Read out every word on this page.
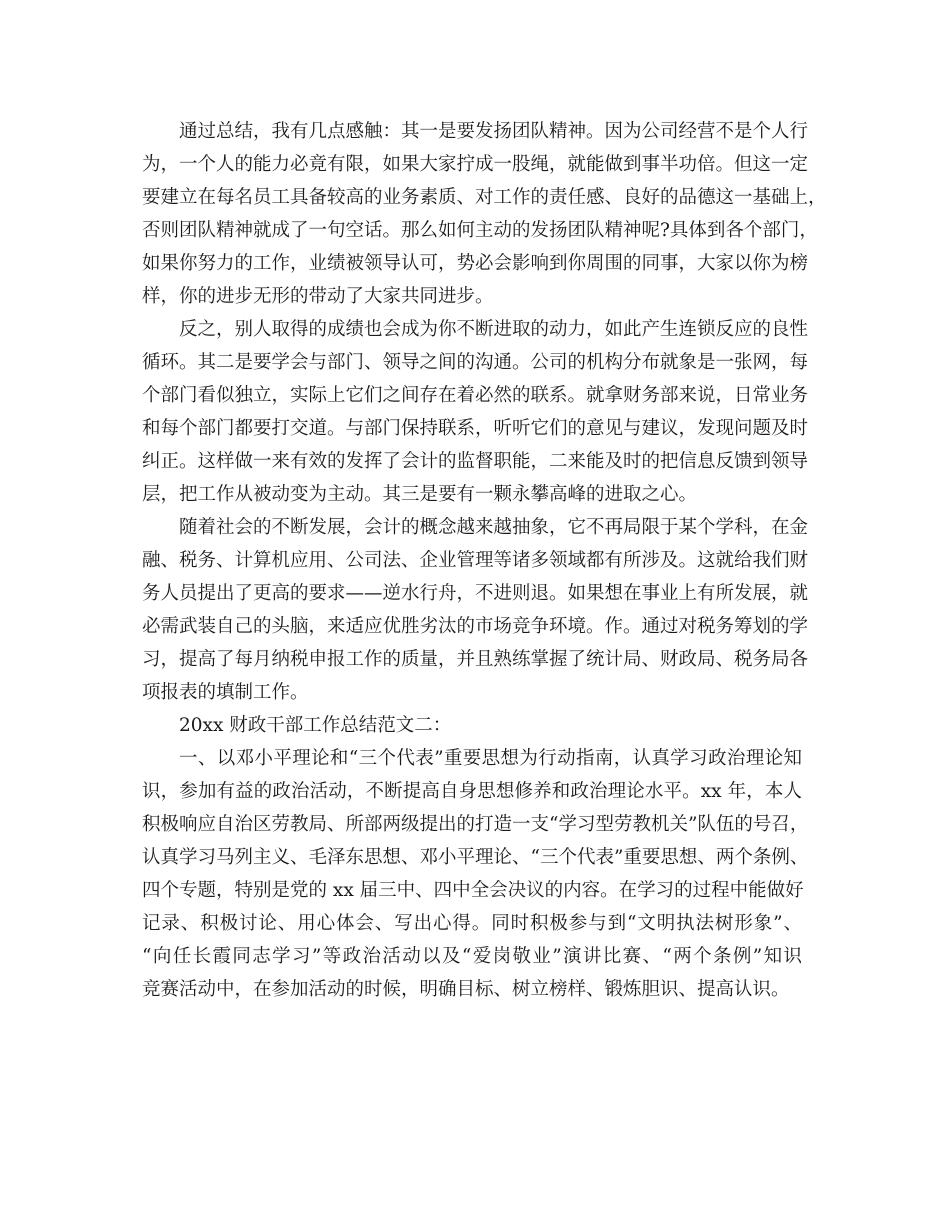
通过总结，我有几点感触：其一是要发扬团队精神。因为公司经营不是个人行
为，一个人的能力必竟有限，如果大家拧成一股绳，就能做到事半功倍。但这一定
要建立在每名员工具备较高的业务素质、对工作的责任感、良好的品德这一基础上，
否则团队精神就成了一句空话。那么如何主动的发扬团队精神呢?具体到各个部门，
如果你努力的工作，业绩被领导认可，势必会影响到你周围的同事，大家以你为榜
样，你的进步无形的带动了大家共同进步。
反之，别人取得的成绩也会成为你不断进取的动力，如此产生连锁反应的良性
循环。其二是要学会与部门、领导之间的沟通。公司的机构分布就象是一张网，每
个部门看似独立，实际上它们之间存在着必然的联系。就拿财务部来说，日常业务
和每个部门都要打交道。与部门保持联系，听听它们的意见与建议，发现问题及时
纠正。这样做一来有效的发挥了会计的监督职能，二来能及时的把信息反馈到领导
层，把工作从被动变为主动。其三是要有一颗永攀高峰的进取之心。
随着社会的不断发展，会计的概念越来越抽象，它不再局限于某个学科，在金
融、税务、计算机应用、公司法、企业管理等诸多领域都有所涉及。这就给我们财
务人员提出了更高的要求——逆水行舟，不进则退。如果想在事业上有所发展，就
必需武装自己的头脑，来适应优胜劣汰的市场竞争环境。作。通过对税务筹划的学
习，提高了每月纳税申报工作的质量，并且熟练掌握了统计局、财政局、税务局各
项报表的填制工作。
20xx 财政干部工作总结范文二：
一、以邓小平理论和“三个代表”重要思想为行动指南，认真学习政治理论知
识，参加有益的政治活动，不断提高自身思想修养和政治理论水平。xx 年，本人
积极响应自治区劳教局、所部两级提出的打造一支“学习型劳教机关”队伍的号召，
认真学习马列主义、毛泽东思想、邓小平理论、“三个代表”重要思想、两个条例、
四个专题，特别是党的 xx 届三中、四中全会决议的内容。在学习的过程中能做好
记录、积极讨论、用心体会、写出心得。同时积极参与到“文明执法树形象”、
“向任长霞同志学习”等政治活动以及“爱岗敬业”演讲比赛、“两个条例”知识
竞赛活动中，在参加活动的时候，明确目标、树立榜样、锻炼胆识、提高认识。
